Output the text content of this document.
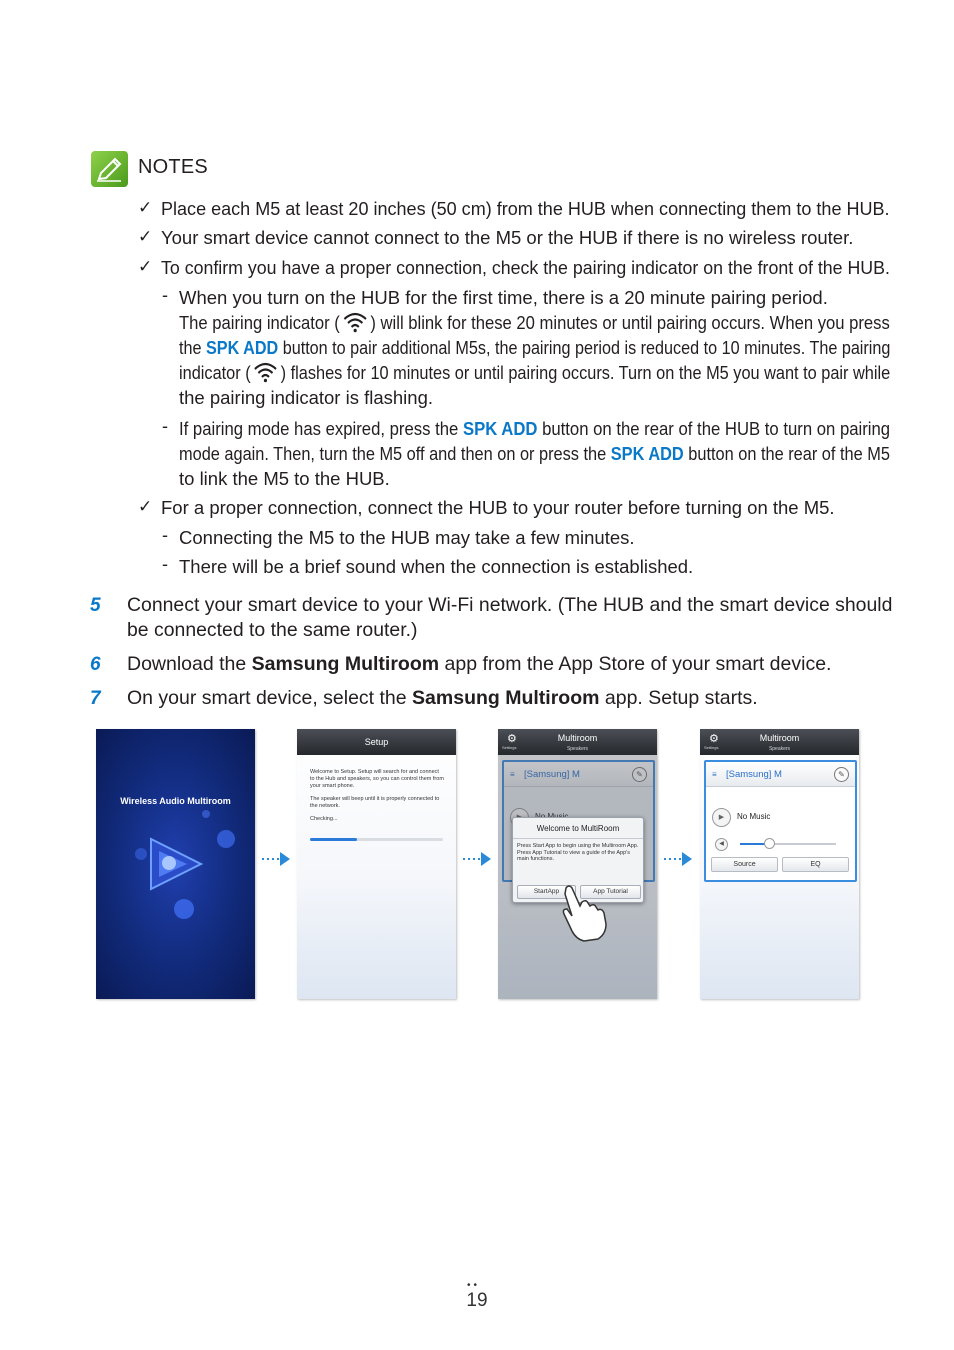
NOTES
✓ Place each M5 at least 20 inches (50 cm) from the HUB when connecting them to the HUB.
✓ Your smart device cannot connect to the M5 or the HUB if there is no wireless router.
✓ To confirm you have a proper connection, check the pairing indicator on the front of the HUB.
- When you turn on the HUB for the first time, there is a 20 minute pairing period.
The pairing indicator ( ) will blink for these 20 minutes or until pairing occurs. When you press
the SPK ADD button to pair additional M5s, the pairing period is reduced to 10 minutes. The pairing
indicator ( ) flashes for 10 minutes or until pairing occurs. Turn on the M5 you want to pair while
the pairing indicator is flashing.
- If pairing mode has expired, press the SPK ADD button on the rear of the HUB to turn on pairing
mode again. Then, turn the M5 off and then on or press the SPK ADD button on the rear of the M5
to link the M5 to the HUB.
✓ For a proper connection, connect the HUB to your router before turning on the M5.
- Connecting the M5 to the HUB may take a few minutes.
- There will be a brief sound when the connection is established.
5 Connect your smart device to your Wi-Fi network. (The HUB and the smart device should
be connected to the same router.)
6 Download the Samsung Multiroom app from the App Store of your smart device.
7 On your smart device, select the Samsung Multiroom app. Setup starts.
Wireless Audio Multiroom
Setup

Welcome to Setup. Setup will search for and connect to the Hub and speakers, so you can control them from your smart phone.

The speaker will beep until it is properly connected to the network.

Checking...

⚙
Settings
Multiroom
Speakers
≡ [Samsung] M	✎
Welcome to MultiRoom
Press Start App to begin using the Multiroom App. Press App Tutorial to view a guide of the App's main functions.
StartApp	App Tutorial
⚙
Settings
Multiroom
Speakers
≡ [Samsung] M	✎
▶	No Music
◀
Source	EQ
••
19
